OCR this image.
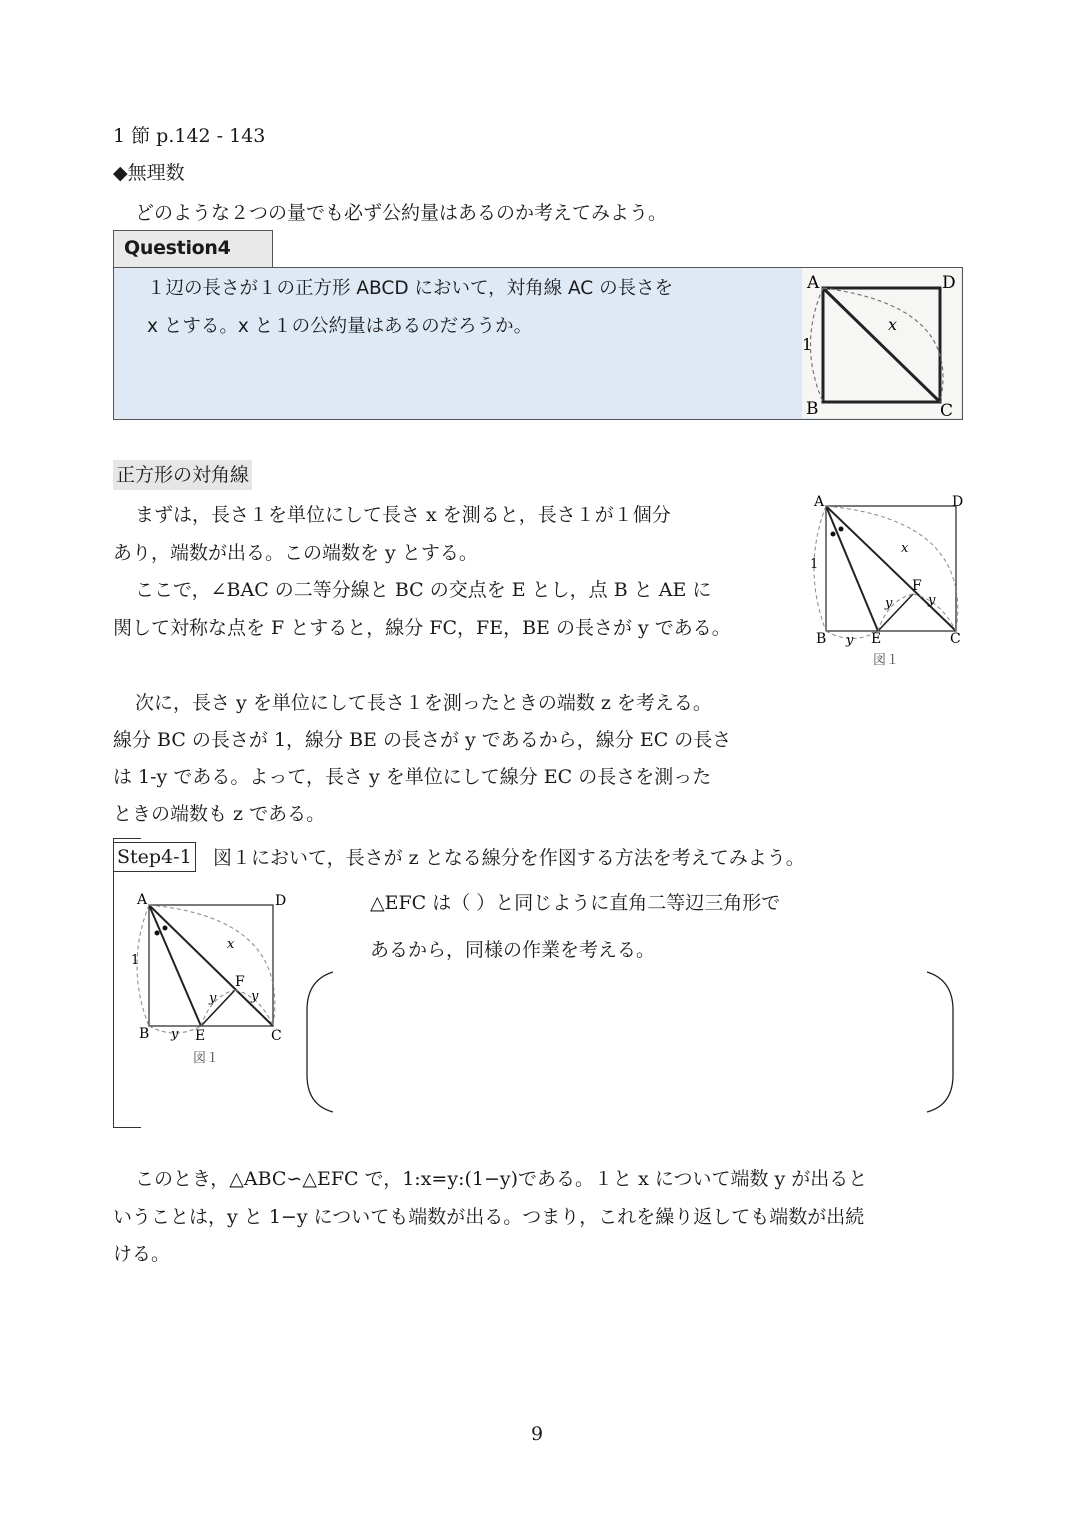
1 節 p.142 - 143
◆無理数
どのような２つの量でも必ず公約量はあるのか考えてみよう。
Question4
１辺の長さが１の正方形 ABCD において，対角線 AC の長さを
x とする。x と１の公約量はあるのだろうか。
A	D
B	C
x
1
正方形の対角線
まずは，長さ１を単位にして長さ x を測ると，長さ１が１個分
あり，端数が出る。この端数を y とする。
ここで，∠BAC の二等分線と BC の交点を E とし，点 B と AE に
関して対称な点を F とすると，線分 FC，FE，BE の長さが y である。
A	D
B	C
E
F
x
1
y	y
y
図１
次に，長さ y を単位にして長さ１を測ったときの端数 z を考える。
線分 BC の長さが 1，線分 BE の長さが y であるから，線分 EC の長さ
は 1-y である。よって，長さ y を単位にして線分 EC の長さを測った
ときの端数も z である。
Step4-1 図１において，長さが z となる線分を作図する方法を考えてみよう。
A	D
B	C
E
F
x
1
y	y
y
図１
△EFC は（ ）と同じように直角二等辺三角形で
あるから，同様の作業を考える。
このとき，△ABC∽△EFC で，1:x=y:(1−y)である。１と x について端数 y が出ると
いうことは，y と 1−y についても端数が出る。つまり，これを繰り返しても端数が出続
ける。
9
